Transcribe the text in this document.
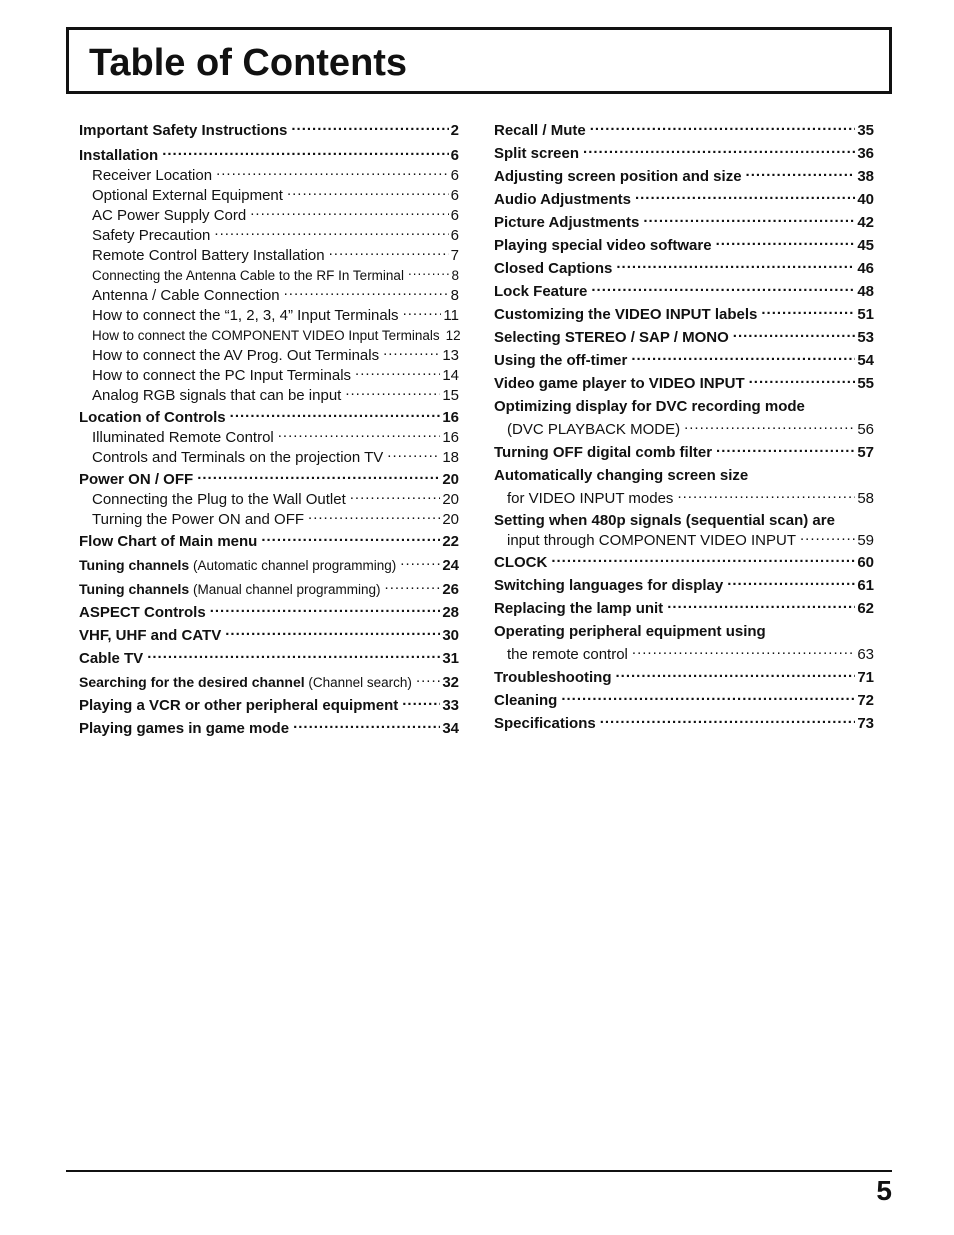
Table of Contents
Important Safety Instructions .....	2
Installation .....	6
Receiver Location .....	6
Optional External Equipment .....	6
AC Power Supply Cord .....	6
Safety Precaution .....	6
Remote Control Battery Installation .....	7
Connecting the Antenna Cable to the RF In Terminal .....	8
Antenna / Cable Connection .....	8
How to connect the “1, 2, 3, 4” Input Terminals .....	11
How to connect the COMPONENT VIDEO Input Terminals 12
How to connect the AV Prog. Out Terminals .....	13
How to connect the PC Input Terminals .....	14
Analog RGB signals that can be input .....	15
Location of Controls .....	16
Illuminated Remote Control .....	16
Controls and Terminals on the projection TV .....	18
Power ON / OFF .....	20
Connecting the Plug to the Wall Outlet .....	20
Turning the Power ON and OFF .....	20
Flow Chart of Main menu .....	22
Tuning channels (Automatic channel programming) .....	24
Tuning channels (Manual channel programming) .....	26
ASPECT Controls .....	28
VHF, UHF and CATV .....	30
Cable TV .....	31
Searching for the desired channel (Channel search) ..... 32
Playing a VCR or other peripheral equipment .....	33
Playing games in game mode .....	34
Recall / Mute .....	35
Split screen .....	36
Adjusting screen position and size .....	38
Audio Adjustments .....	40
Picture Adjustments .....	42
Playing special video software .....	45
Closed Captions .....	46
Lock Feature .....	48
Customizing the VIDEO INPUT labels .....	51
Selecting STEREO / SAP / MONO .....	53
Using the off-timer .....	54
Video game player to VIDEO INPUT .....	55
Optimizing display for DVC recording mode
(DVC PLAYBACK MODE) .....	56
Turning OFF digital comb filter .....	57
Automatically changing screen size
for VIDEO INPUT modes .....	58
Setting when 480p signals (sequential scan) are
input through COMPONENT VIDEO INPUT .....	59
CLOCK .....	60
Switching languages for display .....	61
Replacing the lamp unit .....	62
Operating peripheral equipment using
the remote control .....	63
Troubleshooting .....	71
Cleaning .....	72
Specifications .....	73
5
